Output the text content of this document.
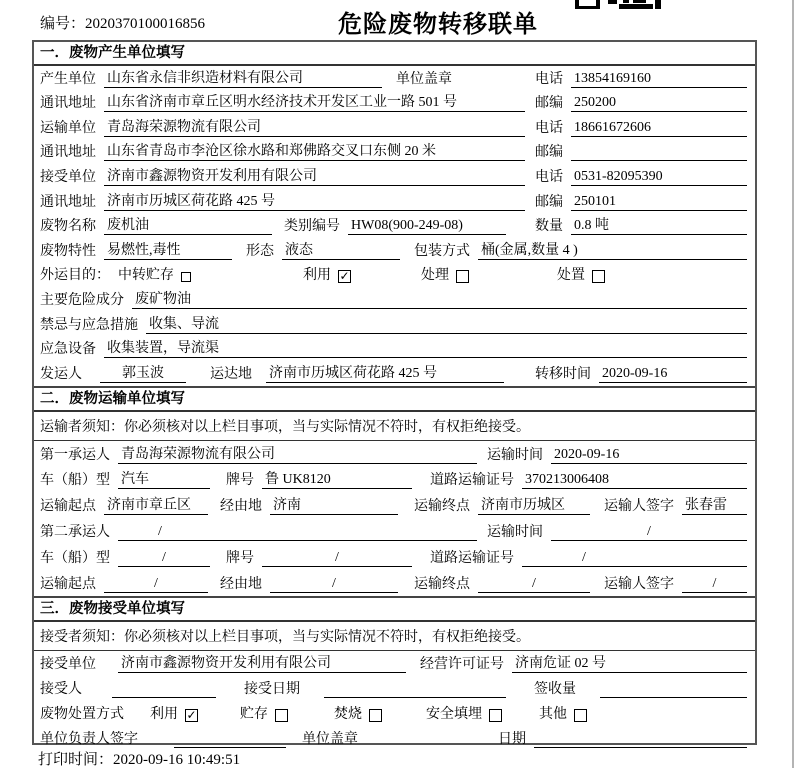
编号：2020370100016856	危险废物转移联单
一．废物产生单位填写
产生单位 山东省永信非织造材料有限公司	单位盖章	电话 13854169160
通讯地址 山东省济南市章丘区明水经济技术开发区工业一路 501 号	邮编 250200
运输单位 青岛海荣源物流有限公司	电话 18661672606
通讯地址 山东省青岛市李沧区徐水路和郑佛路交叉口东侧 20 米	邮编
接受单位 济南市鑫源物资开发利用有限公司	电话 0531-82095390
通讯地址 济南市历城区荷花路 425 号	邮编 250101
废物名称 废机油	类别编号 HW08(900-249-08)	数量 0.8 吨
废物特性 易燃性,毒性	形态 液态	包装方式 桶(金属,数量 4 )
外运目的： 中转贮存	利用 ✓	处理	处置
主要危险成分 废矿物油
禁忌与应急措施 收集、导流
应急设备 收集装置，导流渠
发运人	郭玉波	运达地 济南市历城区荷花路 425 号	转移时间 2020-09-16
二．废物运输单位填写
运输者须知：你必须核对以上栏目事项，当与实际情况不符时，有权拒绝接受。
第一承运人 青岛海荣源物流有限公司	运输时间 2020-09-16
车（船）型 汽车	牌号 鲁 UK8120	道路运输证号 370213006408
运输起点 济南市章丘区	经由地 济南	运输终点 济南市历城区	运输人签字 张春雷
第二承运人	/	运输时间	/
车（船）型	/	牌号	/	道路运输证号	/
运输起点	/	经由地	/	运输终点	/	运输人签字	/
三．废物接受单位填写
接受者须知：你必须核对以上栏目事项，当与实际情况不符时，有权拒绝接受。
接受单位 济南市鑫源物资开发利用有限公司	经营许可证号 济南危证 02 号
接受人	接受日期	签收量
废物处置方式 利用 ✓	贮存	焚烧	安全填埋	其他
单位负责人签字	单位盖章	日期
打印时间：2020-09-16 10:49:51
